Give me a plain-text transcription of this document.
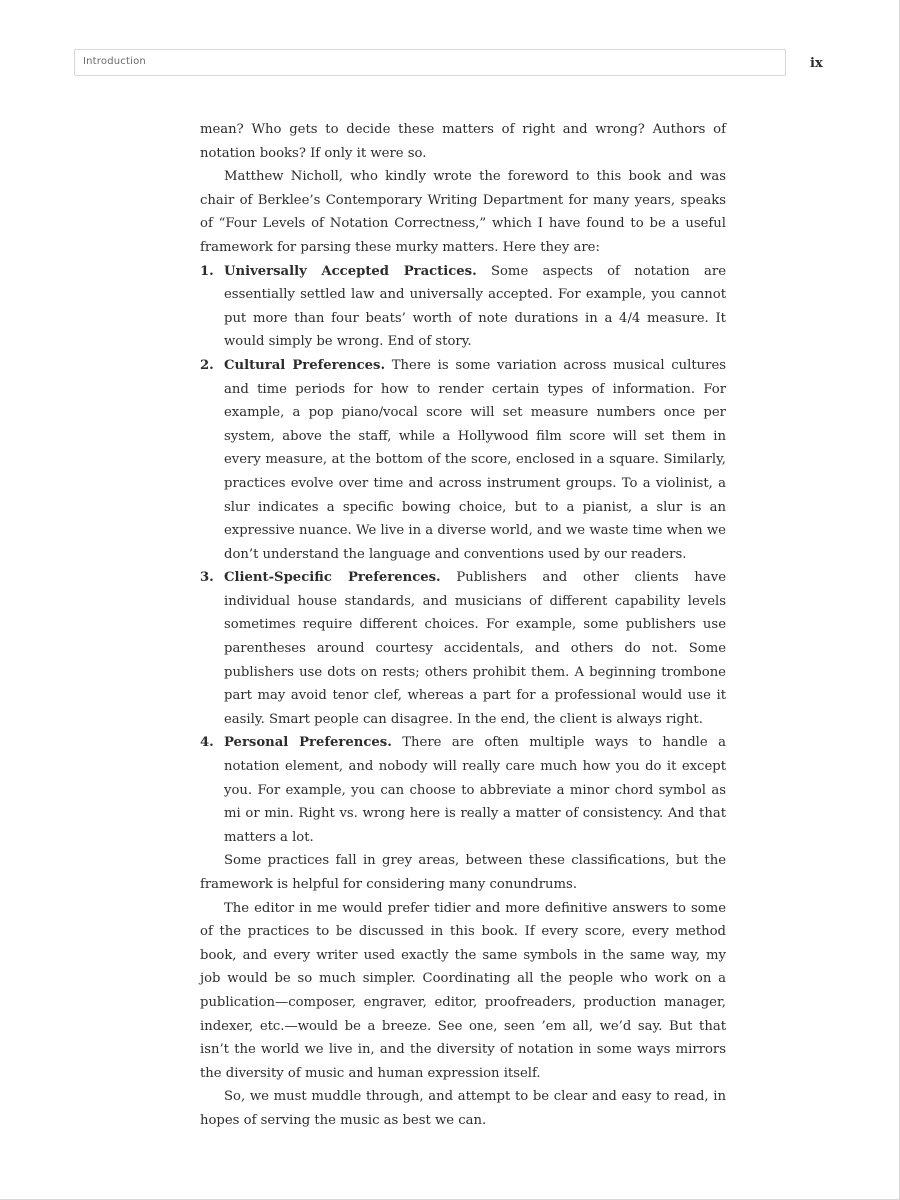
Introduction	ix

mean? Who gets to decide these matters of right and wrong? Authors of notation books? If only it were so.

Matthew Nicholl, who kindly wrote the foreword to this book and was chair of Berklee’s Contemporary Writing Department for many years, speaks of “Four Levels of Notation Correctness,” which I have found to be a useful framework for parsing these murky matters. Here they are:

1. Universally Accepted Practices. Some aspects of notation are essentially settled law and universally accepted. For example, you cannot put more than four beats’ worth of note durations in a 4/4 measure. It would simply be wrong. End of story.
2. Cultural Preferences. There is some variation across musical cultures and time periods for how to render certain types of information. For example, a pop piano/vocal score will set measure numbers once per system, above the staff, while a Hollywood film score will set them in every measure, at the bottom of the score, enclosed in a square. Similarly, practices evolve over time and across instrument groups. To a violinist, a slur indicates a specific bowing choice, but to a pianist, a slur is an expressive nuance. We live in a diverse world, and we waste time when we don’t understand the language and conventions used by our readers.
3. Client-Specific Preferences. Publishers and other clients have individual house standards, and musicians of different capability levels sometimes require different choices. For example, some publishers use parentheses around courtesy accidentals, and others do not. Some publishers use dots on rests; others prohibit them. A beginning trombone part may avoid tenor clef, whereas a part for a professional would use it easily. Smart people can disagree. In the end, the client is always right.
4. Personal Preferences. There are often multiple ways to handle a notation element, and nobody will really care much how you do it except you. For example, you can choose to abbreviate a minor chord symbol as mi or min. Right vs. wrong here is really a matter of consistency. And that matters a lot.

Some practices fall in grey areas, between these classifications, but the framework is helpful for considering many conundrums.

The editor in me would prefer tidier and more definitive answers to some of the practices to be discussed in this book. If every score, every method book, and every writer used exactly the same symbols in the same way, my job would be so much simpler. Coordinating all the people who work on a publication—composer, engraver, editor, proofreaders, production manager, indexer, etc.—would be a breeze. See one, seen ’em all, we’d say. But that isn’t the world we live in, and the diversity of notation in some ways mirrors the diversity of music and human expression itself.

So, we must muddle through, and attempt to be clear and easy to read, in hopes of serving the music as best we can.
